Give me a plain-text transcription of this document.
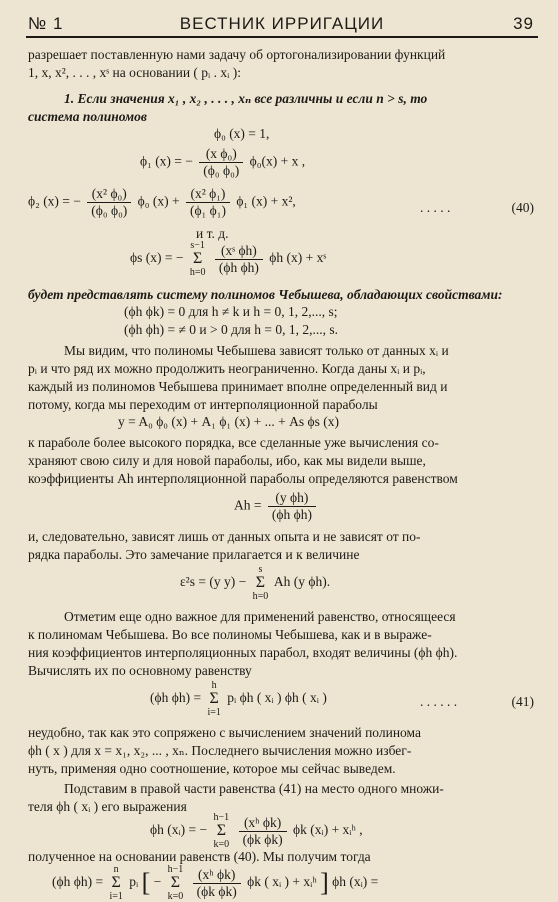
№ 1	ВЕСТНИК ИРРИГАЦИИ	39
разрешает поставленную нами задачу об ортогонализировании функций
1, x, x², . . . , xˢ на основании ( pᵢ . xᵢ ):
1. Если значения x₁ , x₂ , . . . , xₙ все различны и если n > s, то
система полиномов
ϕ₀ (x) = 1,
ϕ₁ (x) = − $\frac{\text{(x ϕ₀)}}{\text{(ϕ₀ ϕ₀)}} \phi_0(x) + x$ ,
ϕ₂ (x) = − $\frac{\text{(x² ϕ₀)}}{\text{(ϕ₀ ϕ₀)}} \phi_0$ $(x) + \frac{\text{(x² ϕ₁)}}{\text{(ϕ₁ ϕ₁)}} \phi_1$ (x) + x²,	. . . . .	(40)
и т. д.
ϕs (x) = − s−1
Σ
$h=0 \frac{\text{(xˢ ϕh)}}{\text{(ϕh ϕh)}}$ ϕh (x) + xˢ
будет представлять систему полиномов Чебышева, обладающих свойствами:
(ϕh ϕk) = 0 для h ≠ k и h = 0, 1, 2,..., s;
(ϕh ϕh) = ≠ 0 и > 0 для h = 0, 1, 2,..., s.
Мы видим, что полиномы Чебышева зависят только от данных xᵢ и
pᵢ и что ряд их можно продолжить неограниченно. Когда даны xᵢ и pᵢ,
каждый из полиномов Чебышева принимает вполне определенный вид и
потому, когда мы переходим от интерполяционной параболы
y = A₀ ϕ₀ (x) + A₁ ϕ₁ (x) + ... + As ϕs (x)
к параболе более высокого порядка, все сделанные уже вычисления со-
храняют свою силу и для новой параболы, ибо, как мы видели выше,
коэффициенты Ah интерполяционной параболы определяются равенством
$Ah = \frac{\text{(y ϕh)}}{\text{(ϕh ϕh)}}$
и, следовательно, зависят лишь от данных опыта и не зависят от по-
рядка параболы. Это замечание прилагается и к величине
ε²s = (y y) − s
Σ
h=0 Ah (y ϕh).
Отметим еще одно важное для применений равенство, относящееся
к полиномам Чебышева. Во все полиномы Чебышева, как и в выраже-
ния коэффициентов интерполяционных парабол, входят величины (ϕh ϕh).
Вычислять их по основному равенству
(ϕh ϕh) = h
Σ
i=1 pᵢ ϕh ( xᵢ ) ϕh ( xᵢ )	. . . . . .	(41)
неудобно, так как это сопряжено с вычислением значений полинома
ϕh ( x ) для x = x₁, x₂, ... , xₙ. Последнего вычисления можно избег-
нуть, применяя одно соотношение, которое мы сейчас выведем.
Подставим в правой части равенства (41) на место одного множи-
теля ϕh ( xᵢ ) его выражения
ϕh (xᵢ) = − h−1
Σ
$k=0 \frac{\text{(xʰ ϕk)}}{\text{(ϕk ϕk)}}$ ϕk (xᵢ) + xᵢʰ ,
полученное на основании равенств (40). Мы получим тогда
(ϕh ϕh) = n
Σ
i=1 pᵢ [ − h−1
Σ
$k=0 \frac{\text{(xʰ ϕk)}}{\text{(ϕk ϕk)}}$ ϕk ( xᵢ ) + xᵢʰ ] ϕh (xᵢ) =
